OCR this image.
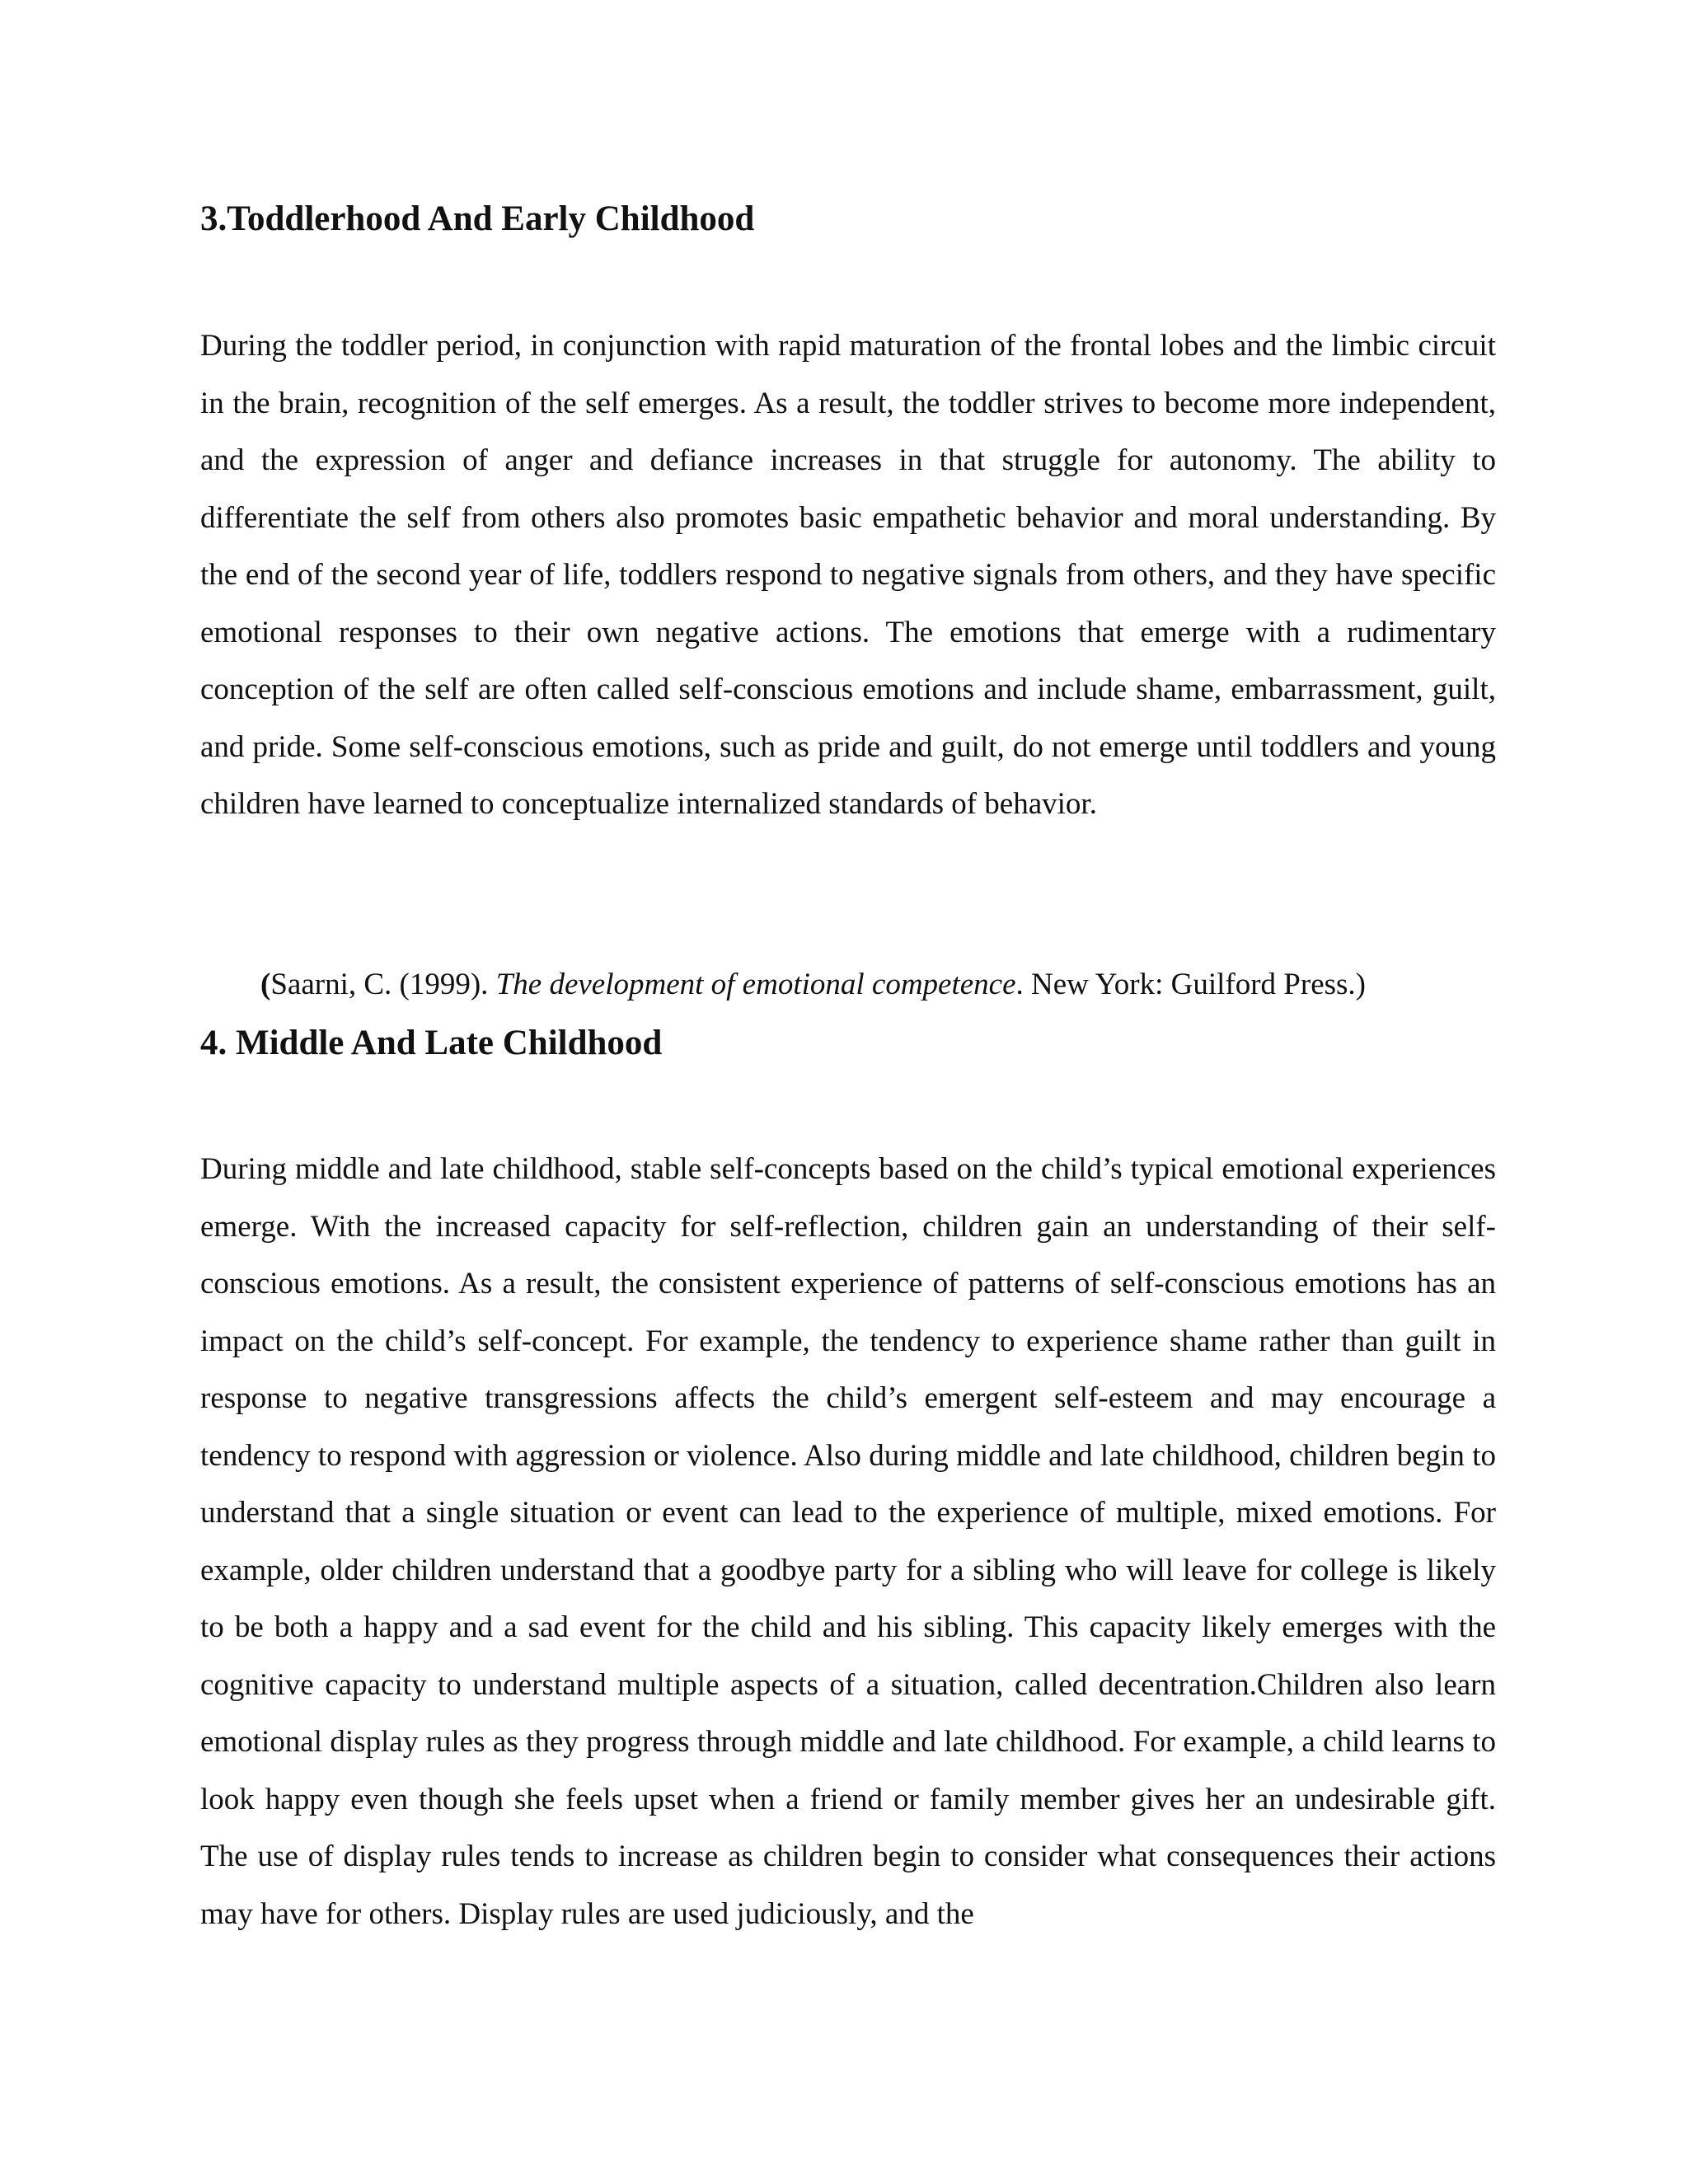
3.Toddlerhood And Early Childhood

During the toddler period, in conjunction with rapid maturation of the frontal lobes and the limbic circuit in the brain, recognition of the self emerges. As a result, the toddler strives to become more independent, and the expression of anger and defiance increases in that struggle for autonomy. The ability to differentiate the self from others also promotes basic empathetic behavior and moral understanding. By the end of the second year of life, toddlers respond to negative signals from others, and they have specific emotional responses to their own negative actions. The emotions that emerge with a rudimentary conception of the self are often called self-conscious emotions and include shame, embarrassment, guilt, and pride. Some self-conscious emotions, such as pride and guilt, do not emerge until toddlers and young children have learned to conceptualize internalized standards of behavior.

(Saarni, C. (1999). The development of emotional competence. New York: Guilford Press.)

4. Middle And Late Childhood

During middle and late childhood, stable self-concepts based on the child’s typical emotional experiences emerge. With the increased capacity for self-reflection, children gain an understanding of their self-conscious emotions. As a result, the consistent experience of patterns of self-conscious emotions has an impact on the child’s self-concept. For example, the tendency to experience shame rather than guilt in response to negative transgressions affects the child’s emergent self-esteem and may encourage a tendency to respond with aggression or violence. Also during middle and late childhood, children begin to understand that a single situation or event can lead to the experience of multiple, mixed emotions. For example, older children understand that a goodbye party for a sibling who will leave for college is likely to be both a happy and a sad event for the child and his sibling. This capacity likely emerges with the cognitive capacity to understand multiple aspects of a situation, called decentration.Children also learn emotional display rules as they progress through middle and late childhood. For example, a child learns to look happy even though she feels upset when a friend or family member gives her an undesirable gift. The use of display rules tends to increase as children begin to consider what consequences their actions may have for others. Display rules are used judiciously, and the
